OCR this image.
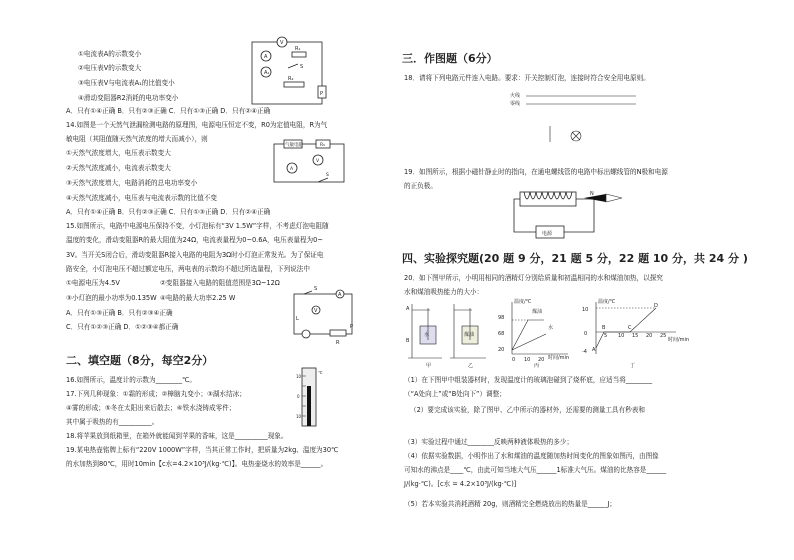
①电流表A的示数变小
②电压表V的示数变大
③电压表V与电流表A₁的比值变小
④滑动变阻器R2消耗的电功率变小
V
A
R₁
A₁
S
R₂
P
A．只有①④正确 B．只有②③正确 C．只有①③正确 D．只有②④正确
14.如图是一个天然气泄漏检测电路的原理图，电源电压恒定不变，R0为定值电阻，R为气
敏电阻（其阻值随天然气浓度的增大而减小），则
①天然气浓度增大，电压表示数变大
②天然气浓度减小，电流表示数变大
③天然气浓度增大，电路消耗的总电功率变小
④天然气浓度减小，电压表与电流表示数的比值不变
气敏电阻	R₀
V
A
S
A．只有①④正确 B．只有②③正确 C．只有①③正确 D．只有②④正确
15.如图所示，电路中电源电压保持不变，小灯泡标有“3V 1.5W”字样，不考虑灯泡电阻随
温度的变化，滑动变阻器R的最大阻值为24Ω，电流表量程为0~0.6A，电压表量程为0~
3V。当开关S闭合后，滑动变阻器R接入电路的电阻为3Ω时小灯泡正常发光。为了保证电
路安全，小灯泡电压不超过额定电压，两电表的示数均不超过所选量程，下列说法中
①电源电压为4.5V	②变阻器接入电路的阻值范围是3Ω~12Ω
③小灯泡的最小功率为0.135W ④电路的最大功率2.25 W
A．只有①③正确 B．只有②③④正确
C．只有①②③正确 D．①②③④都正确
A
V
L
P
R
S
二、填空题（8分，每空2分）
16.如图所示，温度计的示数为________℃。
17.下列几种现象：①霜的形成；②樟脑丸变小；③湖水结冰；
④雾的形成；⑤冬在太阳出来后散去；⑥铁水浇铸成零件；
其中属于吸热的有__________。
℃
10
0
10
18.将苹果放到纸箱里，在箱外就能闻到苹果的香味，这是__________现象。
19.某电热壶铭牌上标有“220V 1000W”字样，当其正常工作时，把质量为2kg、温度为30℃
的水加热到80℃，用时10min【c水=4.2×10³J/(kg·℃)】。电热壶烧水的效率是______。
三．作图题（6分）
18．请将下列电路元件连入电路。要求：开关控制灯泡，连接时符合安全用电原则。
火线
零线
19．如图所示，根据小磁针静止时的指向，在通电螺线管的电路中标出螺线管的N极和电源
的正负极。
电源
N
四、实验探究题(20 题 9 分，21 题 5 分，22 题 10 分，共 24 分 )
20．如下图甲所示，小明用相同的酒精灯分别给质量和初温相同的水和煤油加热，以探究
水和煤油吸热能力的大小：
A
B
水	煤油
甲	乙
温度/℃
时间/min
98
68
20
0 10 20
煤油
水
丙
温度/℃
时间/min
10
0
-4
5 10 15 20 25
A
B	C
D
丁
（1）在下图甲中组装器材时，发现温度计的玻璃泡碰到了烧杯底，应适当将________
（“A处向上”或“B处向下”）调整；
（2）要完成该实验，除了图甲、乙中所示的器材外，还需要的测量工具有秒表和
（3）实验过程中通过________反映两种液体吸热的多少；
（4）依据实验数据，小明作出了水和煤油的温度随加热时间变化的图象如图丙，由图像
可知水的沸点是____℃，由此可知当地大气压______1标准大气压。煤油的比热容是______
J/(kg·℃)。[c水 = 4.2×10³J/(kg·℃)]
（5）若本实验共消耗酒精 20g，则酒精完全燃烧放出的热量是______J；
